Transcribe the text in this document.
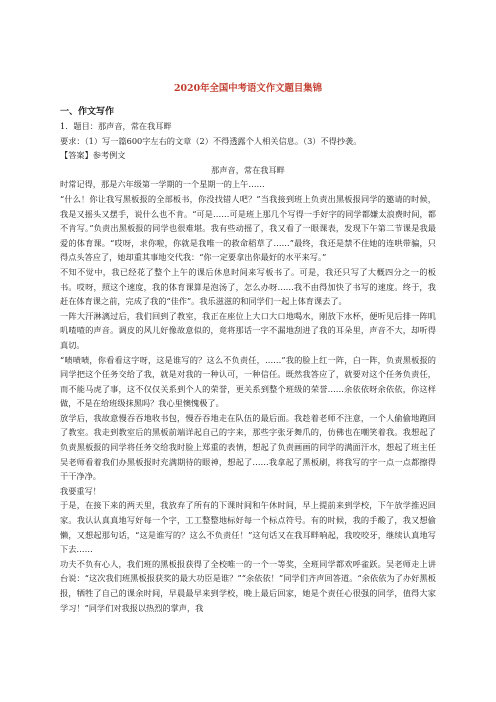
2020年全国中考语文作文题目集锦

一、作文写作

1．题目：那声音，常在我耳畔

要求：（1）写一篇600字左右的文章（2）不得透露个人相关信息。（3）不得抄袭。

【答案】参考例文

那声音，常在我耳畔

时常记得，那是六年级第一学期的一个星期一的上午……

“什么！你让我写黑板报的全部板书，你没找错人吧？”当我接到班上负责出黑板报同学的邀请的时候，我是又摇头又摆手，说什么也不肯。“可是……可是班上那几个写得一手好字的同学都嫌太浪费时间，都不肯写。”负责出黑板报的同学也很难堪。我有些动摇了，我又看了一眼课表，发现下午第二节课是我最爱的体育课。“哎呀，求你啦，你就是我唯一的救命稻草了……”最终，我还是禁不住她的连哄带骗，只得点头答应了，她却重其事地交代我：“你一定要拿出你最好的水平来写。”

不知不觉中，我已经花了整个上午的课后休息时间来写板书了。可是，我还只写了大概四分之一的板书。哎呀，照这个速度，我的体育课算是泡汤了，怎么办呀……我不由得加快了书写的速度。终于，我赶在体育课之前，完成了我的“佳作”。我乐滋滋的和同学们一起上体育课去了。

一阵大汗淋漓过后，我们回到了教室，我正在座位上大口大口地喝水，刚放下水杯，便听见后排一阵叽叽喳喳的声音。调皮的风儿好像故意似的，竟将那话一字不漏地刮进了我的耳朵里，声音不大，却听得真切。

“啧啧啧，你看看这字呀，这是谁写的？这么不负责任，……”我的脸上红一阵，白一阵，负责黑板报的同学把这个任务交给了我，就是对我的一种认可，一种信任。既然我答应了，就要对这个任务负责任，而不能马虎了事，这不仅仅关系到个人的荣誉，更关系到整个班级的荣誉……余依依呀余依依，你这样做，不是在给班级抹黑吗？我心里懊愧极了。

放学后，我故意慢吞吞地收书包，慢吞吞地走在队伍的最后面。我趁着老师不注意，一个人偷偷地跑回了教室。我走到教室后的黑板前端详起自己的字来，那些字张牙舞爪的，仿佛也在嘲笑着我。我想起了负责黑板报的同学将任务交给我时脸上郑重的表情，想起了负责画画的同学的满面汗水，想起了班主任吴老师看着我们办黑板报时充满期待的眼神，想起了……我拿起了黑板刷，将我写的字一点一点都擦得干干净净。

我要重写！

于是，在接下来的两天里，我放弃了所有的下课时间和午休时间，早上提前来到学校，下午放学推迟回家。我认认真真地写好每一个字，工工整整地标好每一个标点符号。有的时候，我的手酸了，我又想偷懒，又想起那句话，“这是谁写的？这么不负责任！”这句话又在我耳畔响起，我咬咬牙，继续认真地写下去……

功夫不负有心人，我们班的黑板报获得了全校唯一的一个一等奖，全班同学都欢呼雀跃。吴老师走上讲台说：“这次我们班黑板报获奖的最大功臣是谁？”“余依依！”同学们齐声回答道。“余依依为了办好黑板报，牺牲了自己的课余时间，早晨最早来到学校，晚上最后回家，她是个责任心很强的同学，值得大家学习！”同学们对我报以热烈的掌声，我
